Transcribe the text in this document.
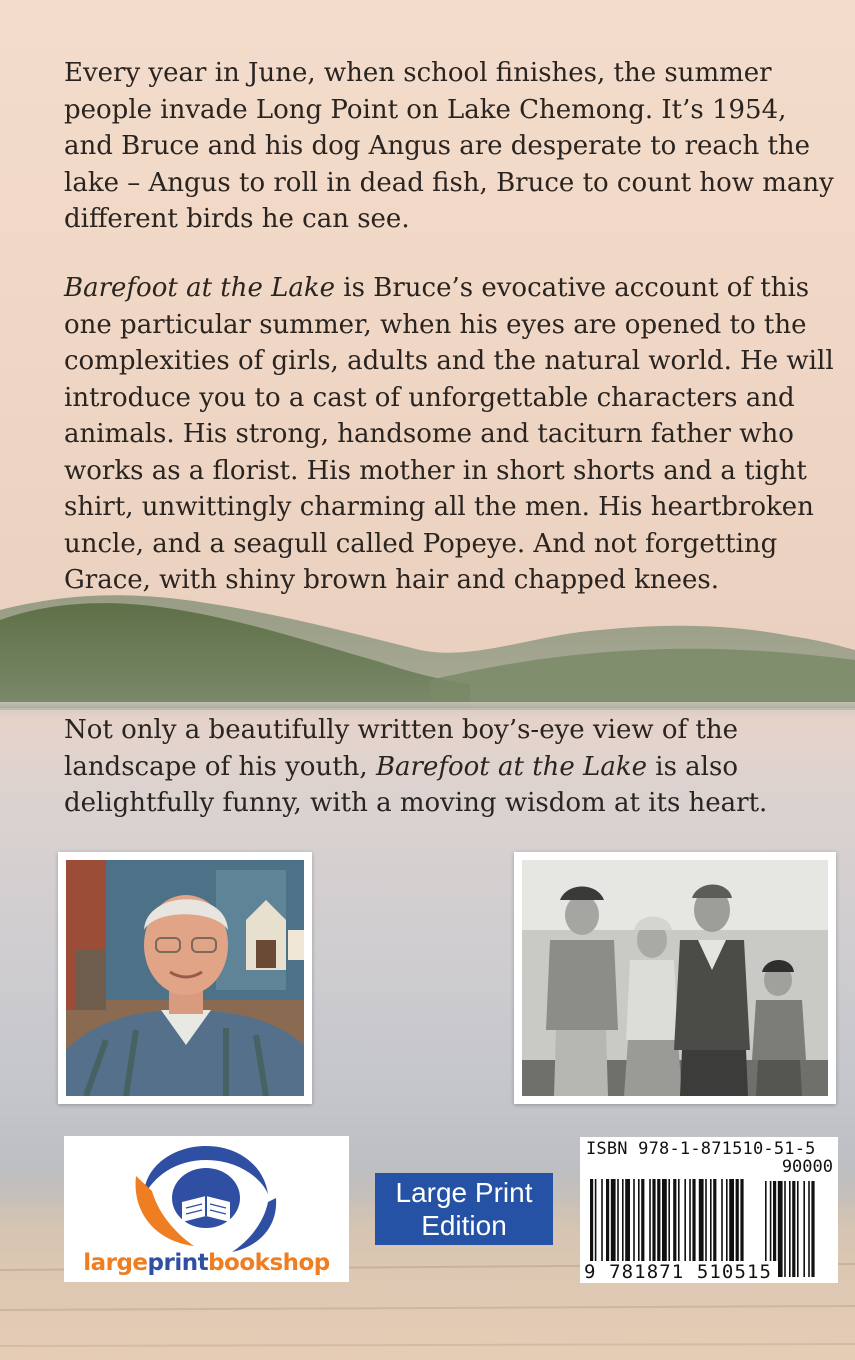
Every year in June, when school finishes, the summer people invade Long Point on Lake Chemong. It’s 1954, and Bruce and his dog Angus are desperate to reach the lake – Angus to roll in dead fish, Bruce to count how many different birds he can see.

Barefoot at the Lake is Bruce’s evocative account of this one particular summer, when his eyes are opened to the complexities of girls, adults and the natural world. He will introduce you to a cast of unforgettable characters and animals. His strong, handsome and taciturn father who works as a florist. His mother in short shorts and a tight shirt, unwittingly charming all the men. His heartbroken uncle, and a seagull called Popeye. And not forgetting Grace, with shiny brown hair and chapped knees.

Not only a beautifully written boy’s-eye view of the landscape of his youth, Barefoot at the Lake is also delightfully funny, with a moving wisdom at its heart.

largeprintbookshop
Large Print
Edition
ISBN 978-1-871510-51-5
90000
9 781871 510515
